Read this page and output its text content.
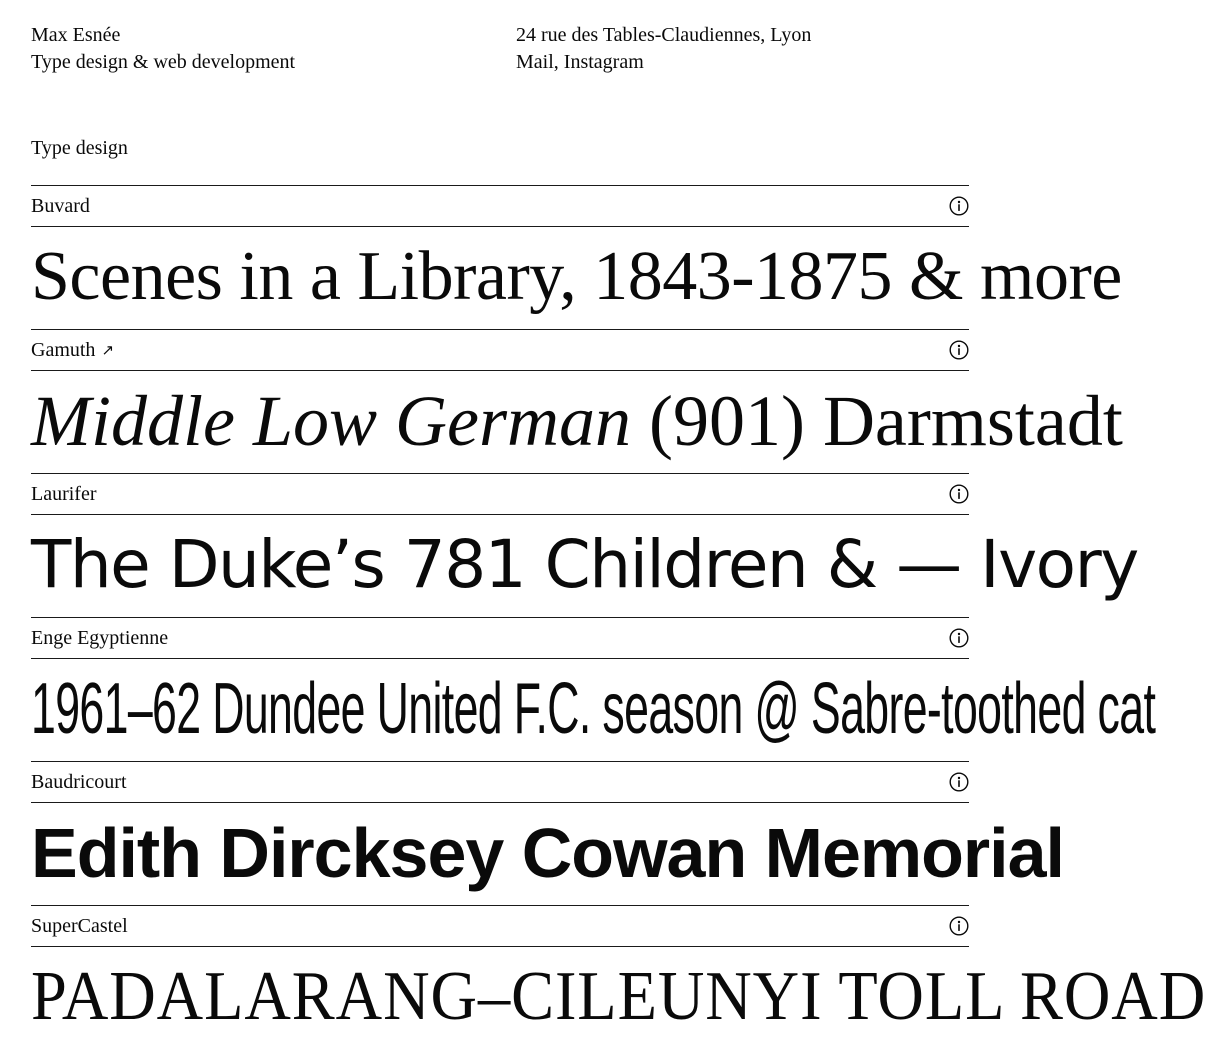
Max Esnée
Type design & web development
24 rue des Tables-Claudiennes, Lyon
Mail, Instagram
Type design
Buvard
Scenes in a Library, 1843-1875 & more
Gamuth ↗
Middle Low German (901) Darmstadt
Laurifer
The Duke’s 781 Children & — Ivory
Enge Egyptienne
1961–62 Dundee United F.C. season @ Sabre-toothed cat
Baudricourt
Edith Dircksey Cowan Memorial
SuperCastel
PADALARANG–CILEUNYI TOLL ROAD
